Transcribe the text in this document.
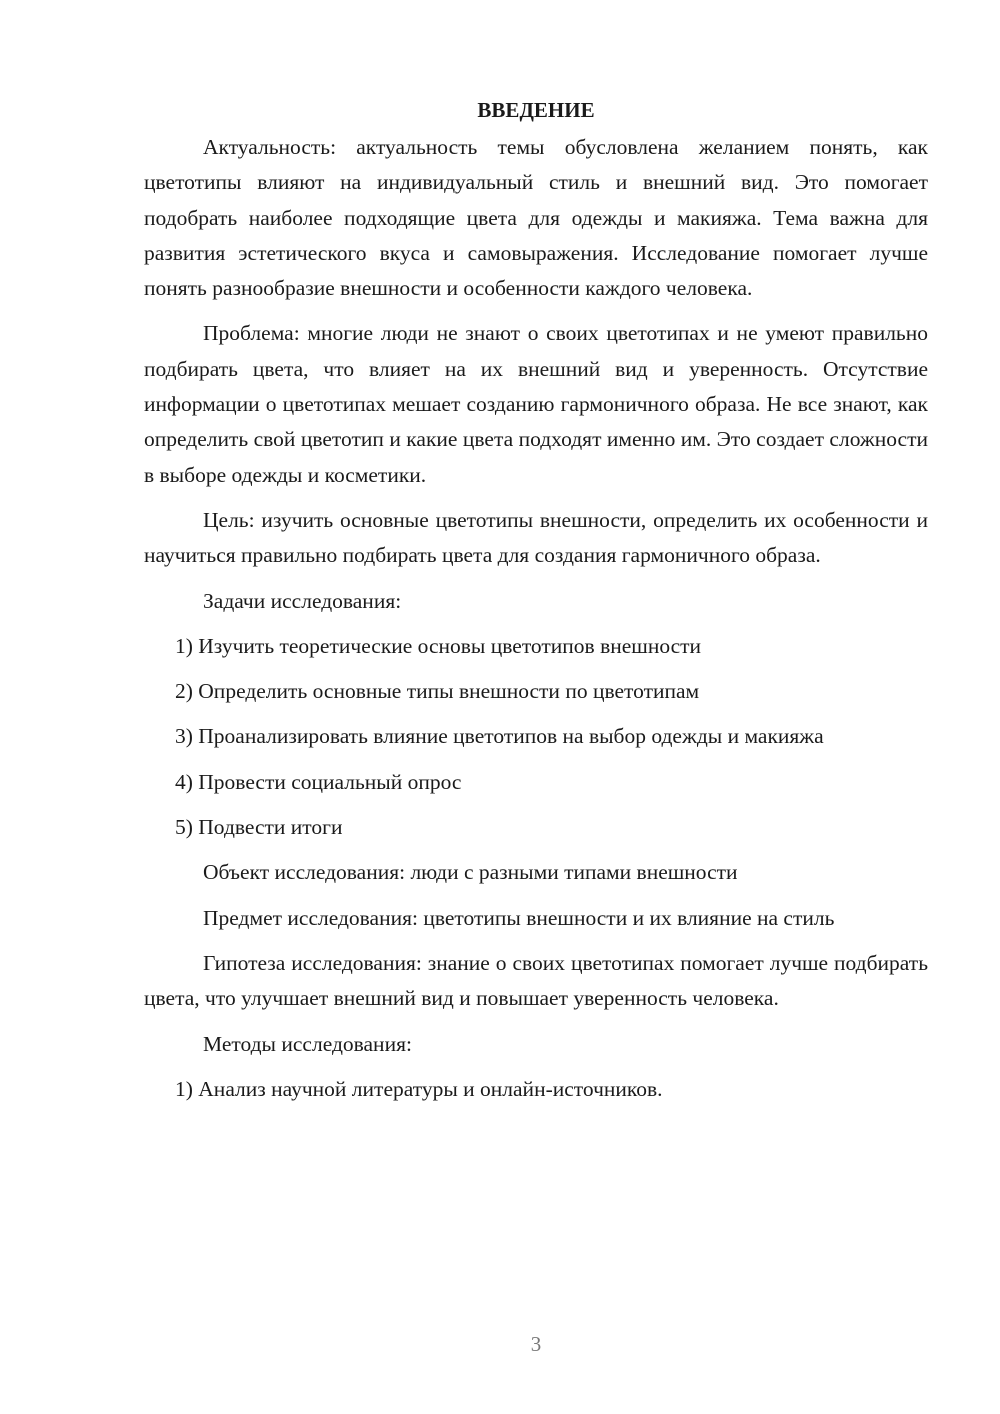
ВВЕДЕНИЕ

Актуальность: актуальность темы обусловлена желанием понять, как цветотипы влияют на индивидуальный стиль и внешний вид. Это помогает подобрать наиболее подходящие цвета для одежды и макияжа. Тема важна для развития эстетического вкуса и самовыражения. Исследование помогает лучше понять разнообразие внешности и особенности каждого человека.

Проблема: многие люди не знают о своих цветотипах и не умеют правильно подбирать цвета, что влияет на их внешний вид и уверенность. Отсутствие информации о цветотипах мешает созданию гармоничного образа. Не все знают, как определить свой цветотип и какие цвета подходят именно им. Это создает сложности в выборе одежды и косметики.

Цель: изучить основные цветотипы внешности, определить их особенности и научиться правильно подбирать цвета для создания гармоничного образа.

Задачи исследования:

1) Изучить теоретические основы цветотипов внешности

2) Определить основные типы внешности по цветотипам

3) Проанализировать влияние цветотипов на выбор одежды и макияжа

4) Провести социальный опрос

5) Подвести итоги

Объект исследования: люди с разными типами внешности

Предмет исследования: цветотипы внешности и их влияние на стиль

Гипотеза исследования: знание о своих цветотипах помогает лучше подбирать цвета, что улучшает внешний вид и повышает уверенность человека.

Методы исследования:

1) Анализ научной литературы и онлайн-источников.

3
